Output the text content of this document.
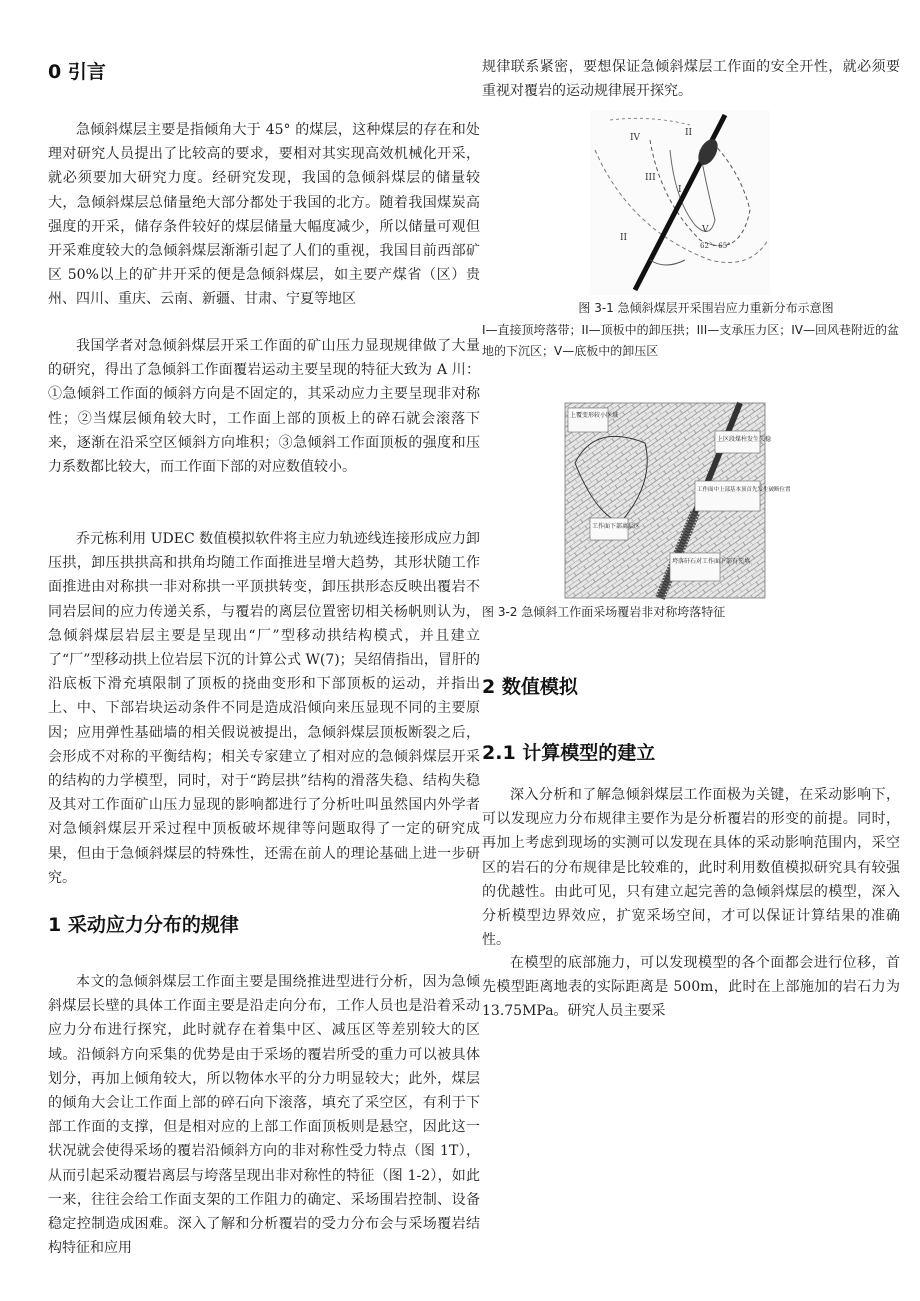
0 引言

急倾斜煤层主要是指倾角大于 45° 的煤层，这种煤层的存在和处理对研究人员提出了比较高的要求，要相对其实现高效机械化开采，就必须要加大研究力度。经研究发现，我国的急倾斜煤层的储量较大，急倾斜煤层总储量绝大部分都处于我国的北方。随着我国煤炭高强度的开采，储存条件较好的煤层储量大幅度减少，所以储量可观但开采难度较大的急倾斜煤层渐渐引起了人们的重视，我国目前西部矿区 50%以上的矿井开采的便是急倾斜煤层，如主要产煤省（区）贵州、四川、重庆、云南、新疆、甘肃、宁夏等地区

我国学者对急倾斜煤层开采工作面的矿山压力显现规律做了大量的研究，得出了急倾斜工作面覆岩运动主要呈现的特征大致为 A 川：①急倾斜工作面的倾斜方向是不固定的，其采动应力主要呈现非对称性；②当煤层倾角较大时，工作面上部的顶板上的碎石就会滚落下来，逐渐在沿采空区倾斜方向堆积；③急倾斜工作面顶板的强度和压力系数都比较大，而工作面下部的对应数值较小。

乔元栋利用 UDEC 数值模拟软件将主应力轨迹线连接形成应力卸压拱，卸压拱拱高和拱角均随工作面推进呈增大趋势，其形状随工作面推进由对称拱一非对称拱一平顶拱转变，卸压拱形态反映出覆岩不同岩层间的应力传递关系，与覆岩的离层位置密切相关杨帆则认为，急倾斜煤层岩层主要是呈现出“厂”型移动拱结构模式，并且建立了“厂”型移动拱上位岩层下沉的计算公式 W(7)；吴绍倩指出，冒肝的沿底板下滑充填限制了顶板的挠曲变形和下部顶板的运动，并指出上、中、下部岩块运动条件不同是造成沿倾向来压显现不同的主要原因；应用弹性基础墙的相关假说被提出，急倾斜煤层顶板断裂之后，会形成不对称的平衡结构；相关专家建立了相对应的急倾斜煤层开采的结构的力学模型，同时，对于“跨层拱”结构的滑落失稳、结构失稳及其对工作面矿山压力显现的影响都进行了分析吐叫虽然国内外学者对急倾斜煤层开采过程中顶板破坏规律等问题取得了一定的研究成果，但由于急倾斜煤层的特殊性，还需在前人的理论基础上进一步研究。

1 采动应力分布的规律

本文的急倾斜煤层工作面主要是围绕推进型进行分析，因为急倾斜煤层长壁的具体工作面主要是沿走向分布，工作人员也是沿着采动应力分布进行探究，此时就存在着集中区、减压区等差别较大的区域。沿倾斜方向采集的优势是由于采场的覆岩所受的重力可以被具体划分，再加上倾角较大，所以物体水平的分力明显较大；此外，煤层的倾角大会让工作面上部的碎石向下滚落，填充了采空区，有利于下部工作面的支撑，但是相对应的上部工作面顶板则是悬空，因此这一状况就会使得采场的覆岩沿倾斜方向的非对称性受力特点（图 1T），从而引起采动覆岩离层与垮落呈现出非对称性的特征（图 1-2），如此一来，往往会给工作面支架的工作阻力的确定、采场围岩控制、设备稳定控制造成困难。深入了解和分析覆岩的受力分布会与采场覆岩结构特征和应用

规律联系紧密，要想保证急倾斜煤层工作面的安全开性，就必须要重视对覆岩的运动规律展开探究。

IV	II
III
I
V
II
62°~65°

图 3-1 急倾斜煤层开采围岩应力重新分布示意图

I—直接顶垮落带；II—顶板中的卸压拱；III—支承压力区；IV—回风巷附近的盆地的下沉区；V—底板中的卸压区

上覆变形较小区域
上区段煤柱发生失稳
工作面中上部基本顶首先发生破断位置
工作面下部离层区
垮落矸石对工作面下部有充填

图 3-2 急倾斜工作面采场覆岩非对称垮落特征

2 数值模拟
2.1 计算模型的建立

深入分析和了解急倾斜煤层工作面极为关键，在采动影响下，可以发现应力分布规律主要作为是分析覆岩的形变的前提。同时，再加上考虑到现场的实测可以发现在具体的采动影响范围内，采空区的岩石的分布规律是比较难的，此时利用数值模拟研究具有较强的优越性。由此可见，只有建立起完善的急倾斜煤层的模型，深入分析模型边界效应，扩宽采场空间，才可以保证计算结果的准确性。

在模型的底部施力，可以发现模型的各个面都会进行位移，首先模型距离地表的实际距离是 500m，此时在上部施加的岩石力为 13.75MPa。研究人员主要采
